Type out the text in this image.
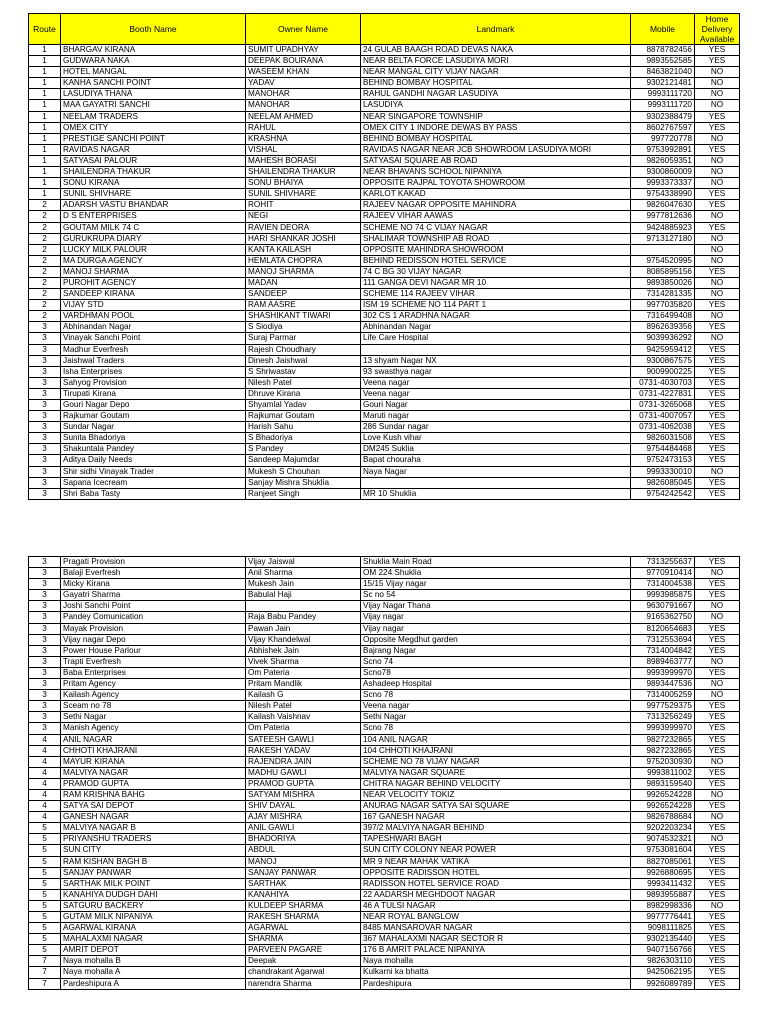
Route	Booth Name	Owner Name	Landmark	Mobile	Home Delivery Available
1	BHARGAV KIRANA	SUMIT UPADHYAY	24 GULAB BAAGH ROAD DEVAS NAKA	8878782456	YES
1	GUDWARA NAKA	DEEPAK BOURANA	NEAR BELTA FORCE LASUDIYA MORI	9893552585	YES
1	HOTEL MANGAL	WASEEM KHAN	NEAR MANGAL CITY VIJAY NAGAR	8463821040	NO
1	KANHA SANCHI POINT	YADAV	BEHIND BOMBAY HOSPITAL	9302121481	NO
1	LASUDIYA THANA	MANOHAR	RAHUL GANDHI NAGAR LASUDIYA	9993111720	NO
1	MAA GAYATRI SANCHI	MANOHAR	LASUDIYA	9993111720	NO
1	NEELAM TRADERS	NEELAM AHMED	NEAR SINGAPORE TOWNSHIP	9302388479	YES
1	OMEX CITY	RAHUL	OMEX CITY 1 INDORE DEWAS BY PASS	8602767597	YES
1	PRESTIGE SANCHI POINT	KRASHNA	BEHIND BOMBAY HOSPITAL	997720778	NO
1	RAVIDAS NAGAR	VISHAL	RAVIDAS NAGAR NEAR JCB SHOWROOM LASUDIYA MORI	9753992891	YES
1	SATYASAI PALOUR	MAHESH BORASI	SATYASAI SQUARE AB ROAD	9826059351	NO
1	SHAILENDRA THAKUR	SHAILENDRA THAKUR	NEAR BHAVANS SCHOOL NIPANIYA	9300860009	NO
1	SONU KIRANA	SONU BHAIYA	OPPOSITE RAJPAL TOYOTA SHOWROOM	9993373337	NO
1	SUNIL SHIVHARE	SUNIL SHIVHARE	KARLOT KAKAD	9754338990	YES
2	ADARSH VASTU BHANDAR	ROHIT	RAJEEV NAGAR OPPOSITE MAHINDRA	9826047630	YES
2	D S ENTERPRISES	NEGI	RAJEEV VIHAR AAWAS	9977812636	NO
2	GOUTAM MILK 74 C	RAVIEN DEORA	SCHEME NO 74 C VIJAY NAGAR	9424885923	YES
2	GURUKRUPA DIARY	HARI SHANKAR JOSHI	SHALIMAR TOWNSHIP AB ROAD	9713127180	NO
2	LUCKY MILK PALOUR	KANTA KAILASH	OPPOSITE MAHINDRA SHOWROOM		NO
2	MA DURGA AGENCY	HEMLATA CHOPRA	BEHIND REDISSON HOTEL SERVICE	9754520995	NO
2	MANOJ SHARMA	MANOJ SHARMA	74 C BG 30 VIJAY NAGAR	8085895156	YES
2	PUROHIT AGENCY	MADAN	111 GANGA DEVI NAGAR MR 10	9893850026	NO
2	SANDEEP KIRANA	SANDEEP	SCHEME 114 RAJEEV VIHAR	7314281335	NO
2	VIJAY STD	RAM AASRE	ISM 19 SCHEME NO 114 PART 1	9977035820	YES
2	VARDHMAN POOL	SHASHIKANT TIWARI	302 CS 1 ARADHNA NAGAR	7316499408	NO
3	Abhinandan Nagar	S Siodiya	Abhinandan Nagar	8962639356	YES
3	Vinayak Sanchi Point	Suraj Parmar	Life Care Hospital	9039936292	NO
3	Madhur Everfresh	Rajesh Choudhary		9425959412	YES
3	Jaishwal Traders	Dinesh Jaishwal	13 shyam Nagar NX	9300867575	YES
3	Isha Enterprises	S Shriwastav	93 swasthya nagar	9009900225	YES
3	Sahyog Provision	Nilesh Patel	Veena nagar	0731-4030703	YES
3	Tirupati Kirana	Dhruve Kirana	Veena nagar	0731-4227831	YES
3	Gouri Nagar Depo	Shyamlal Yadav	Gouri Nagar	0731-3265068	YES
3	Rajkumar Goutam	Rajkumar Goutam	Maruti nagar	0731-4007057	YES
3	Sundar Nagar	Harish Sahu	286 Sundar nagar	0731-4062038	YES
3	Sunita Bhadoriya	S Bhadoriya	Love Kush vihar	9826031508	YES
3	Shakuntala Pandey	S Pandey	DM245 Suklia	9754484468	YES
3	Aditya Daily Needs	Sandeep Majumdar	Bapat chouraha	9752473153	YES
3	Shir sidhi Vinayak Trader	Mukesh S Chouhan	Naya Nagar	9993330010	NO
3	Sapana Icecream	Sanjay Mishra Shuklia		9826085045	YES
3	Shri Baba Tasty	Ranjeet Singh	MR 10 Shuklia	9754242542	YES
3	Pragati Provision	Vijay Jaiswal	Shuklia Main Road	7313255637	YES
3	Balaji Everfresh	Anil Sharma	OM 224 Shuklia	9770910414	NO
3	Micky Kirana	Mukesh Jain	15/15 Vijay nagar	7314004538	YES
3	Gayatri Sharma	Babulal Haji	Sc no 54	9993985875	YES
3	Joshi Sanchi Point		Vijay Nagar Thana	9630791667	NO
3	Pandey Comunication	Raja Babu Pandey	Vijay nagar	9165362750	NO
3	Mayak Provision	Pawan Jain	Vijay nagar	8120654683	YES
3	Vijay nagar Depo	Vijay Khandelwal	Opposite Megdhut garden	7312553694	YES
3	Power House Parlour	Abhishek Jain	Bajrang Nagar	7314004842	YES
3	Trapti Everfresh	Vivek Sharma	Scno 74	8989463777	NO
3	Baba Enterprises	Om Pateria	Scno78	9993999970	YES
3	Pritam Agency	Pritam Mandlik	Ashadeep Hospital	9893447536	NO
3	Kailash Agency	Kailash G	Scno 78	7314005259	NO
3	Sceam no 78	Nilesh Patel	Veena nagar	9977529375	YES
3	Sethi Nagar	Kailash Vaishnav	Sethi Nagar	7313256249	YES
3	Manish Agency	Om Pateria	Scno 78	9993999970	YES
4	ANIL NAGAR	SATEESH GAWLI	104 ANIL NAGAR	9827232865	YES
4	CHHOTI KHAJRANI	RAKESH YADAV	104 CHHOTI KHAJRANI	9827232865	YES
4	MAYUR KIRANA	RAJENDRA JAIN	SCHEME NO 78 VIJAY NAGAR	9752030930	NO
4	MALVIYA NAGAR	MADHU GAWLI	MALVIYA NAGAR SQUARE	9993811002	YES
4	PRAMOD GUPTA	PRAMOD GUPTA	CHITRA NAGAR BEHIND VELOCITY	9893159540	YES
4	RAM KRISHNA BAHG	SATYAM MISHRA	NEAR VELOCITY TOKIZ	9926524228	NO
4	SATYA SAI DEPOT	SHIV DAYAL	ANURAG NAGAR SATYA SAI SQUARE	9926524228	YES
4	GANESH NAGAR	AJAY MISHRA	167 GANESH NAGAR	9826788684	NO
5	MALVIYA NAGAR B	ANIL GAWLI	397/2 MALVIYA NAGAR BEHIND	9202203234	YES
5	PRIYANSHU TRADERS	BHADORIYA	TAPESHWARI BAGH	9074532321	NO
5	SUN CITY	ABDUL	SUN CITY COLONY NEAR POWER	9753081604	YES
5	RAM KISHAN BAGH B	MANOJ	MR 9 NEAR MAHAK VATIKA	8827085061	YES
5	SANJAY PANWAR	SANJAY PANWAR	OPPOSITE RADISSON HOTEL	9926880695	YES
5	SARTHAK MILK POINT	SARTHAK	RADISSON HOTEL SERVICE ROAD	9993411432	YES
5	KANAHIYA DUDGH DAHI	KANAHIYA	22 AADARSH MEGHDOOT NAGAR	9893955887	YES
5	SATGURU BACKERY	KULDEEP SHARMA	46 A TULSI NAGAR	8982998336	NO
5	GUTAM MILK NIPANIYA	RAKESH SHARMA	NEAR ROYAL BANGLOW	9977776441	YES
5	AGARWAL KIRANA	AGARWAL	8485 MANSAROVAR NAGAR	9098111825	YES
5	MAHALAXMI NAGAR	SHARMA	367 MAHALAXMI NAGAR SECTOR R	9302135440	YES
5	AMRIT DEPOT	PARVEEN PAGARE	176 B AMRIT PALACE NIPANIYA	9407156766	YES
7	Naya mohalla B	Deepak	Naya mohalla	9826303110	YES
7	Naya mohalla A	chandrakant Agarwal	Kulkarni ka bhatta	9425062195	YES
7	Pardeshipura A	narendra Sharma	Pardeshipura	9926089789	YES
